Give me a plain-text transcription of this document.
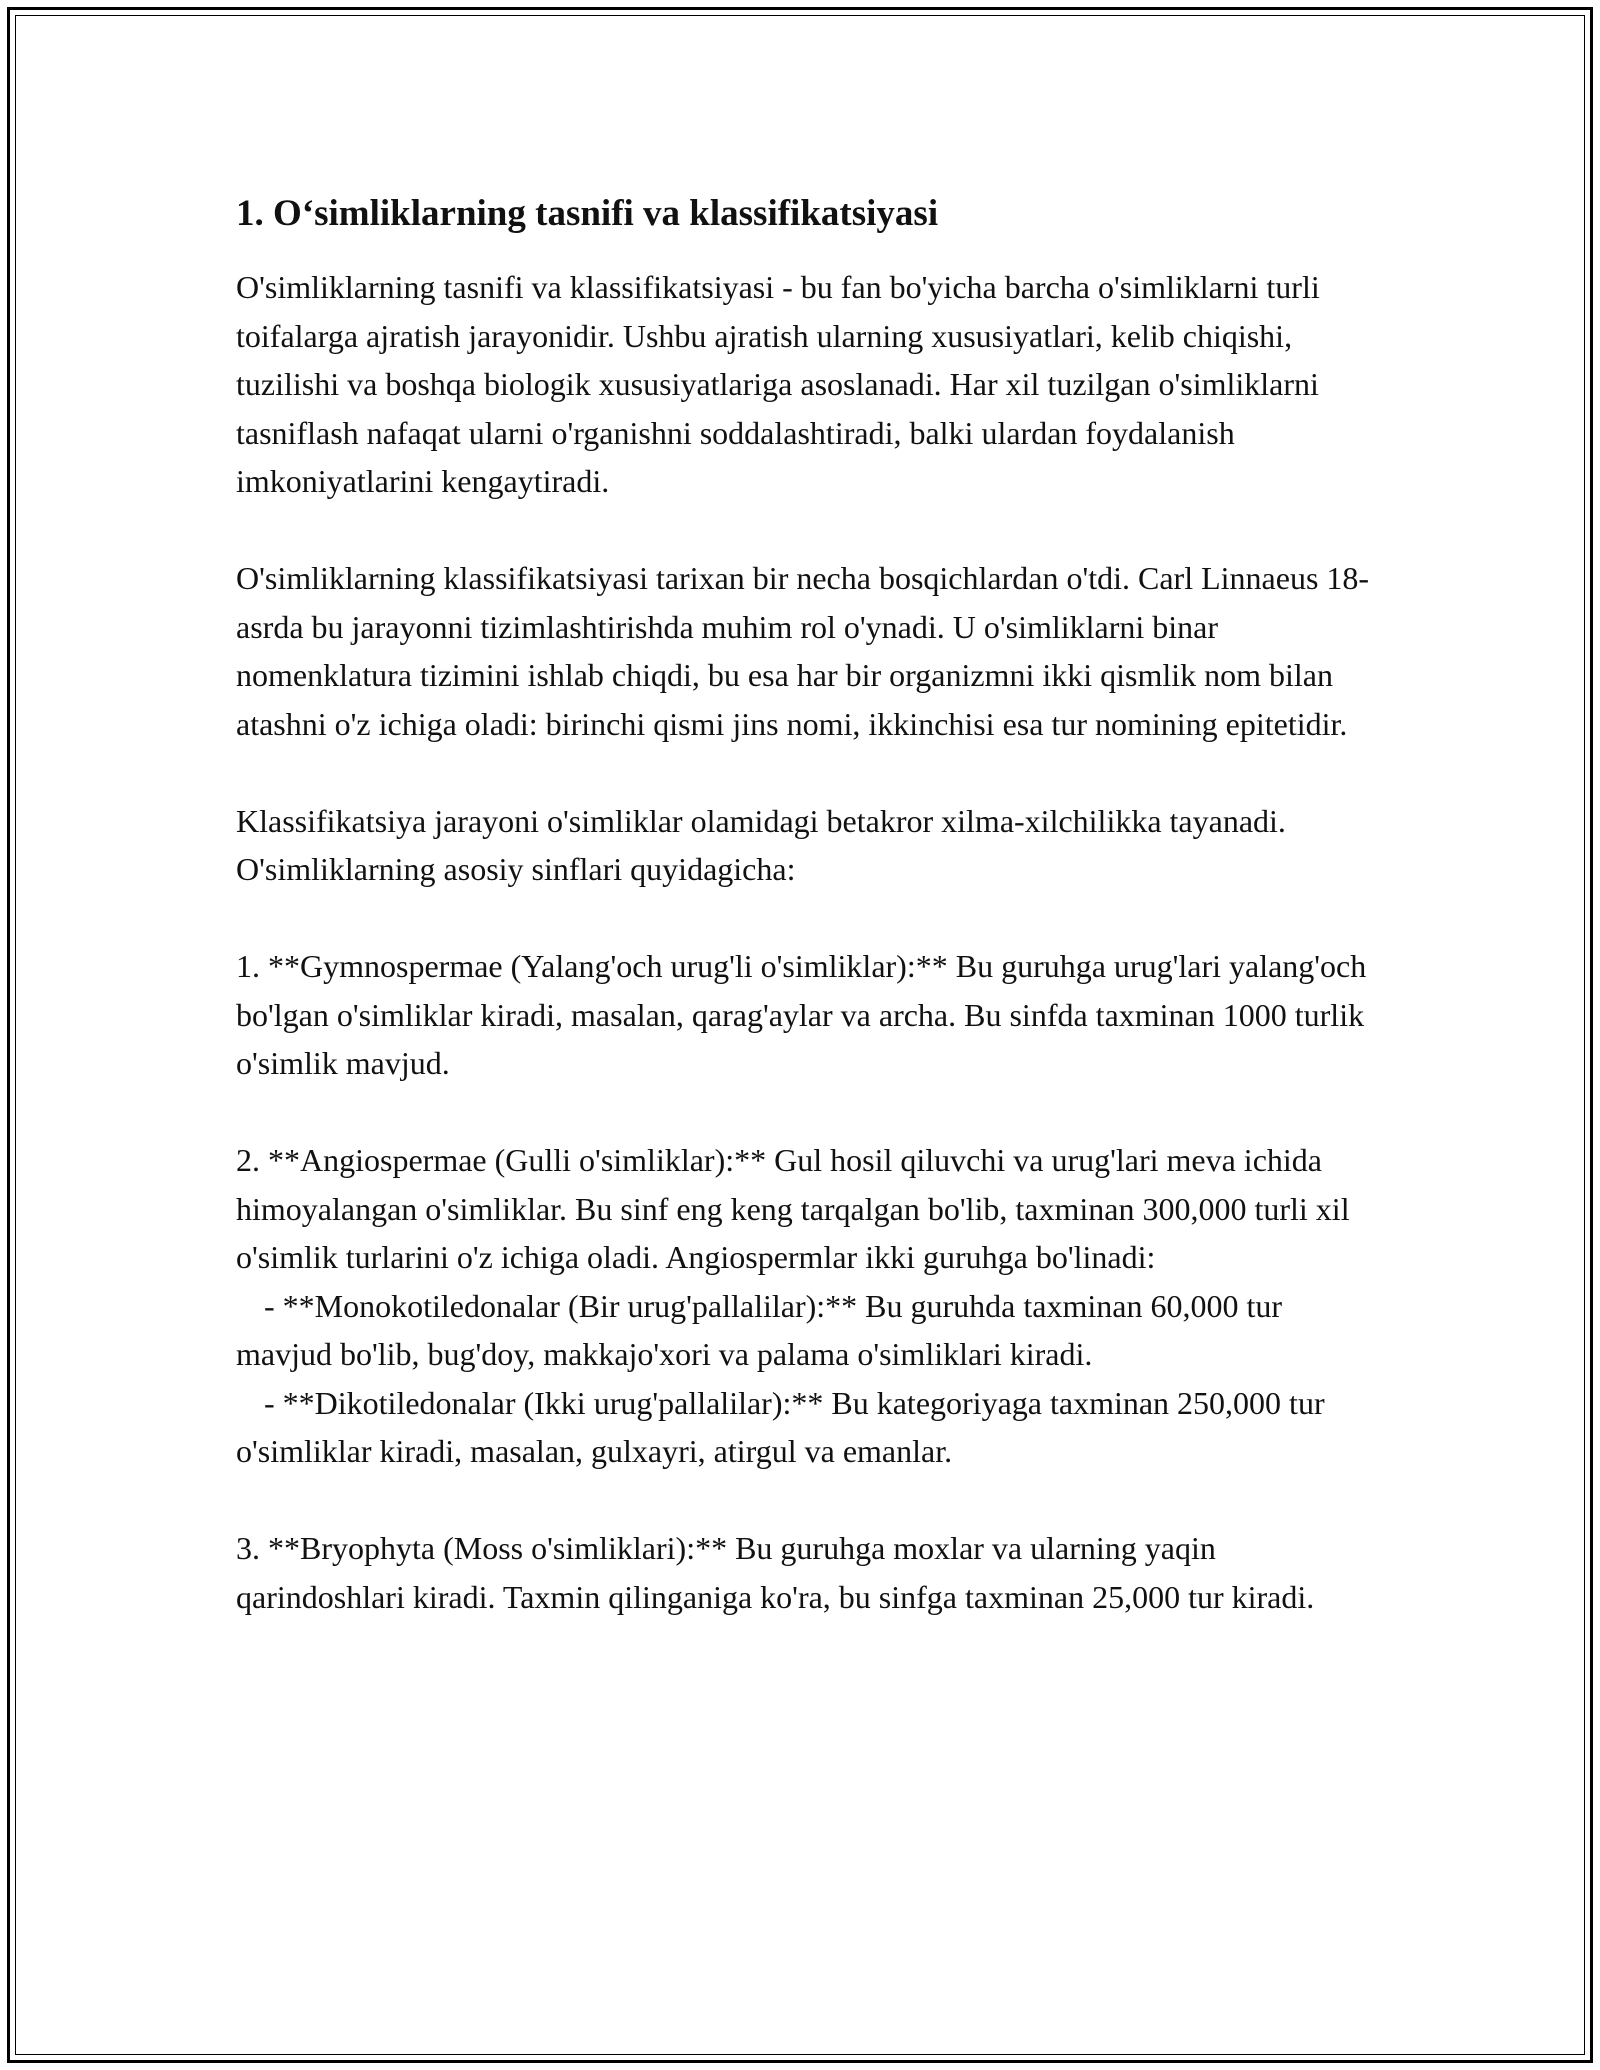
1. O‘simliklarning tasnifi va klassifikatsiyasi

O'simliklarning tasnifi va klassifikatsiyasi - bu fan bo'yicha barcha o'simliklarni turli toifalarga ajratish jarayonidir. Ushbu ajratish ularning xususiyatlari, kelib chiqishi, tuzilishi va boshqa biologik xususiyatlariga asoslanadi. Har xil tuzilgan o'simliklarni tasniflash nafaqat ularni o'rganishni soddalashtiradi, balki ulardan foydalanish imkoniyatlarini kengaytiradi.

O'simliklarning klassifikatsiyasi tarixan bir necha bosqichlardan o'tdi. Carl Linnaeus 18-asrda bu jarayonni tizimlashtirishda muhim rol o'ynadi. U o'simliklarni binar nomenklatura tizimini ishlab chiqdi, bu esa har bir organizmni ikki qismlik nom bilan atashni o'z ichiga oladi: birinchi qismi jins nomi, ikkinchisi esa tur nomining epitetidir.

Klassifikatsiya jarayoni o'simliklar olamidagi betakror xilma-xilchilikka tayanadi. O'simliklarning asosiy sinflari quyidagicha:

1. **Gymnospermae (Yalang'och urug'li o'simliklar):** Bu guruhga urug'lari yalang'och bo'lgan o'simliklar kiradi, masalan, qarag'aylar va archa. Bu sinfda taxminan 1000 turlik o'simlik mavjud.

2. **Angiospermae (Gulli o'simliklar):** Gul hosil qiluvchi va urug'lari meva ichida himoyalangan o'simliklar. Bu sinf eng keng tarqalgan bo'lib, taxminan 300,000 turli xil o'simlik turlarini o'z ichiga oladi. Angiospermlar ikki guruhga bo'linadi:

- **Monokotiledonalar (Bir urug'pallalilar):** Bu guruhda taxminan 60,000 tur mavjud bo'lib, bug'doy, makkajo'xori va palama o'simliklari kiradi.

- **Dikotiledonalar (Ikki urug'pallalilar):** Bu kategoriyaga taxminan 250,000 tur o'simliklar kiradi, masalan, gulxayri, atirgul va emanlar.

3. **Bryophyta (Moss o'simliklari):** Bu guruhga moxlar va ularning yaqin qarindoshlari kiradi. Taxmin qilinganiga ko'ra, bu sinfga taxminan 25,000 tur kiradi.
